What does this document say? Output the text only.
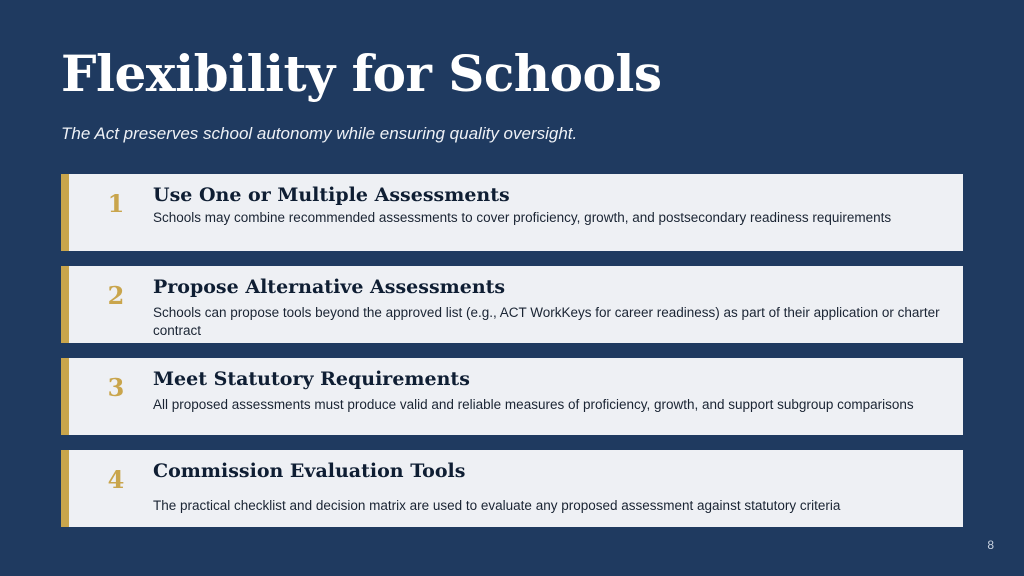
Flexibility for Schools

The Act preserves school autonomy while ensuring quality oversight.

1 Use One or Multiple Assessments
Schools may combine recommended assessments to cover proficiency, growth, and postsecondary readiness requirements
2 Propose Alternative Assessments
Schools can propose tools beyond the approved list (e.g., ACT WorkKeys for career readiness) as part of their application or charter contract
3 Meet Statutory Requirements
All proposed assessments must produce valid and reliable measures of proficiency, growth, and support subgroup comparisons
4 Commission Evaluation Tools
The practical checklist and decision matrix are used to evaluate any proposed assessment against statutory criteria
8
